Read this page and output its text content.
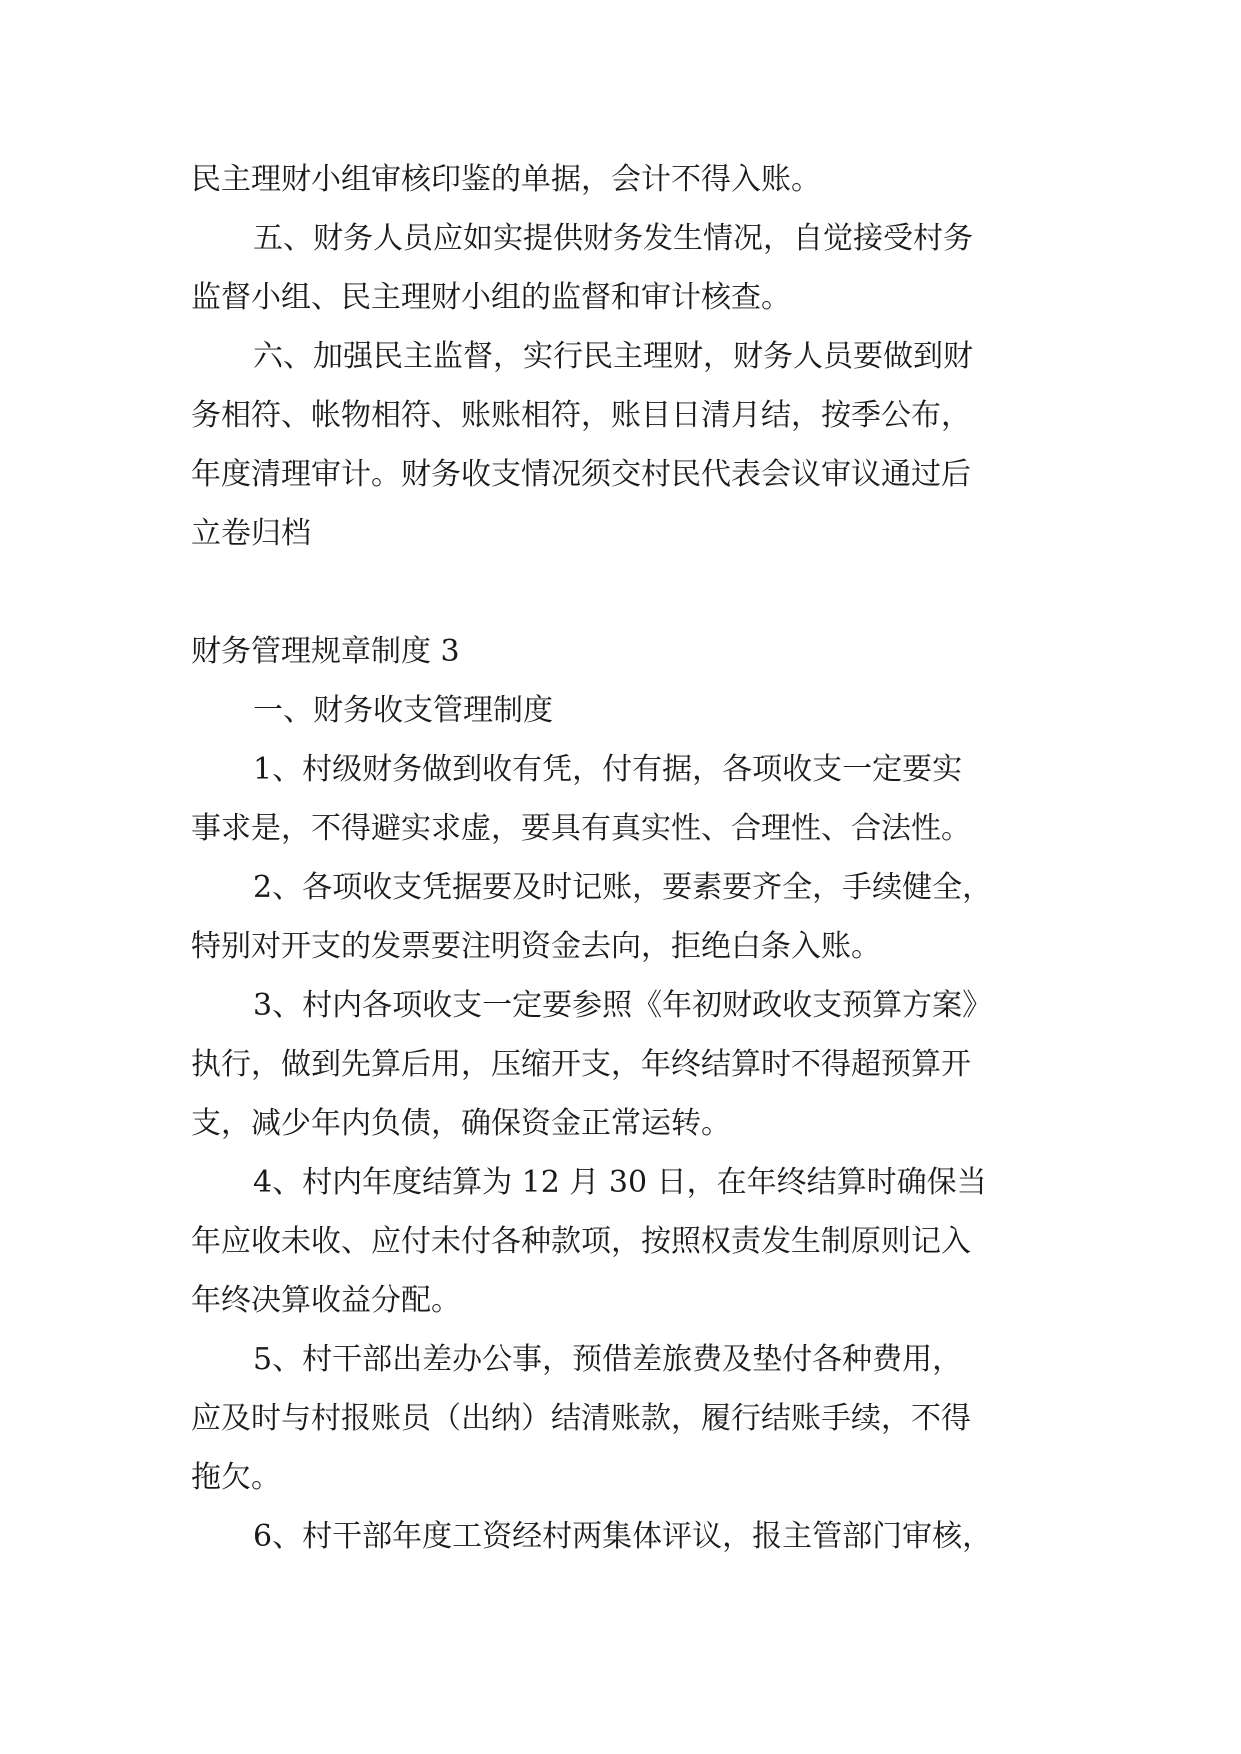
民主理财小组审核印鉴的单据，会计不得入账。
五、财务人员应如实提供财务发生情况，自觉接受村务
监督小组、民主理财小组的监督和审计核查。
六、加强民主监督，实行民主理财，财务人员要做到财
务相符、帐物相符、账账相符，账目日清月结，按季公布，
年度清理审计。财务收支情况须交村民代表会议审议通过后
立卷归档
财务管理规章制度 3
一、财务收支管理制度
1、村级财务做到收有凭，付有据，各项收支一定要实
事求是，不得避实求虚，要具有真实性、合理性、合法性。
2、各项收支凭据要及时记账，要素要齐全，手续健全，
特别对开支的发票要注明资金去向，拒绝白条入账。
3、村内各项收支一定要参照《年初财政收支预算方案》
执行，做到先算后用，压缩开支，年终结算时不得超预算开
支，减少年内负债，确保资金正常运转。
4、村内年度结算为 12 月 30 日，在年终结算时确保当
年应收未收、应付未付各种款项，按照权责发生制原则记入
年终决算收益分配。
5、村干部出差办公事，预借差旅费及垫付各种费用，
应及时与村报账员（出纳）结清账款，履行结账手续，不得
拖欠。
6、村干部年度工资经村两集体评议，报主管部门审核，
